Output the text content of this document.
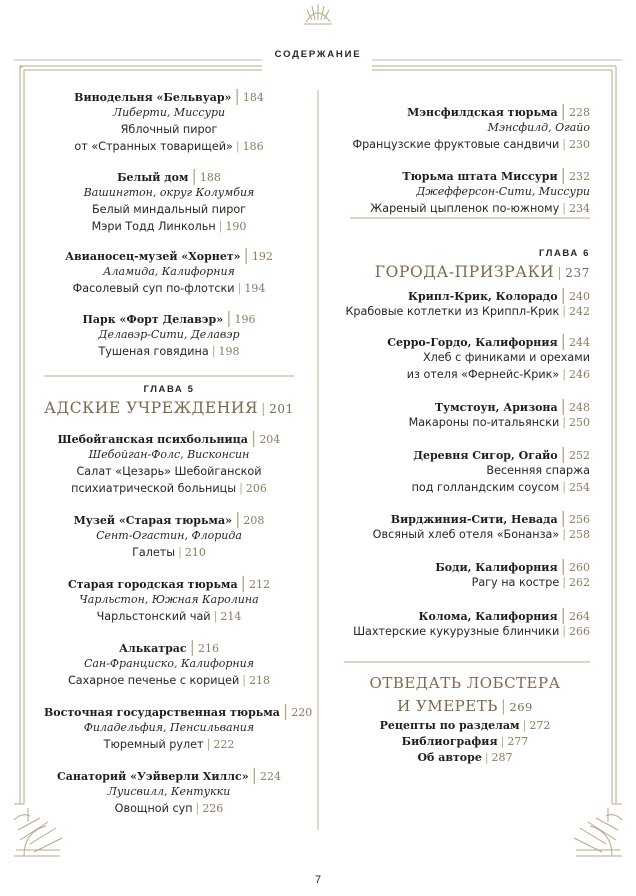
СОДЕРЖАНИЕ
Винодельня «Бельвуар» | 184
Либерти, Миссури
Яблочный пирог
от «Странных товарищей» | 186
Белый дом | 188
Вашингтон, округ Колумбия
Белый миндальный пирог
Мэри Тодд Линкольн | 190
Авианосец-музей «Хорнет» | 192
Аламида, Калифорния
Фасолевый суп по-флотски | 194
Парк «Форт Делавэр» | 196
Делавэр-Сити, Делавэр
Тушеная говядина | 198
ГЛАВА 5
АДСКИЕ УЧРЕЖДЕНИЯ | 201
Шебойганская психбольница | 204
Шебойган-Фолс, Висконсин
Салат «Цезарь» Шебойганской
психиатрической больницы | 206
Музей «Старая тюрьма» | 208
Сент-Огастин, Флорида
Галеты | 210
Старая городская тюрьма | 212
Чарльстон, Южная Каролина
Чарльстонский чай | 214
Алькатрас | 216
Сан-Франциско, Калифорния
Сахарное печенье с корицей | 218
Восточная государственная тюрьма | 220
Филадельфия, Пенсильвания
Тюремный рулет | 222
Санаторий «Уэйверли Хиллс» | 224
Луисвилл, Кентукки
Овощной суп | 226
Мэнсфилдская тюрьма | 228
Мэнсфилд, Огайо
Французские фруктовые сандвичи | 230
Тюрьма штата Миссури | 232
Джефферсон-Сити, Миссури
Жареный цыпленок по-южному | 234
ГЛАВА 6
ГОРОДА-ПРИЗРАКИ | 237
Крипл-Крик, Колорадо | 240
Крабовые котлетки из Криппл-Крик | 242
Серро-Гордо, Калифорния | 244
Хлеб с финиками и орехами
из отеля «Фернейс-Крик» | 246
Тумстоун, Аризона | 248
Макароны по-итальянски | 250
Деревня Сигор, Огайо | 252
Весенняя спаржа
под голландским соусом | 254
Вирджиния-Сити, Невада | 256
Овсяный хлеб отеля «Бонанза» | 258
Боди, Калифорния | 260
Рагу на костре | 262
Колома, Калифорния | 264
Шахтерские кукурузные блинчики | 266
ОТВЕДАТЬ ЛОБСТЕРА
И УМЕРЕТЬ | 269
Рецепты по разделам | 272
Библиография | 277
Об авторе | 287
7
